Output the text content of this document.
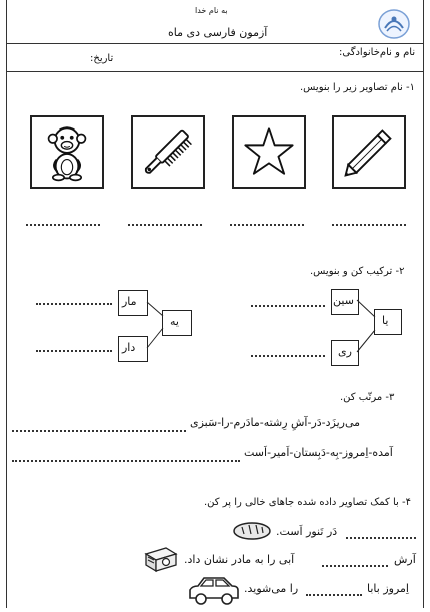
به نام خدا
آزمون فارسی دی ماه
نام و نام‌خانوادگی:
تاریخ:
۱- نام تصاویر زیر را بنویس.
۲- ترکیب کن و بنویس.
یا
سین
ری
یه
مار
دار
۳- مرتّب کن.
می‌ریزَد-دَر-آشِ رِشته-مادَرم-را-سَبزی
آمده-اِمروز-بِه-دَبِستان-اَمیر-اَست
۴- با کمک تصاویر داده شده جاهای خالی را پر کن.
دَر تَنور اَست.
آرش
آبی را به مادر نشان داد.
اِمروز بابا
را می‌شوید.
